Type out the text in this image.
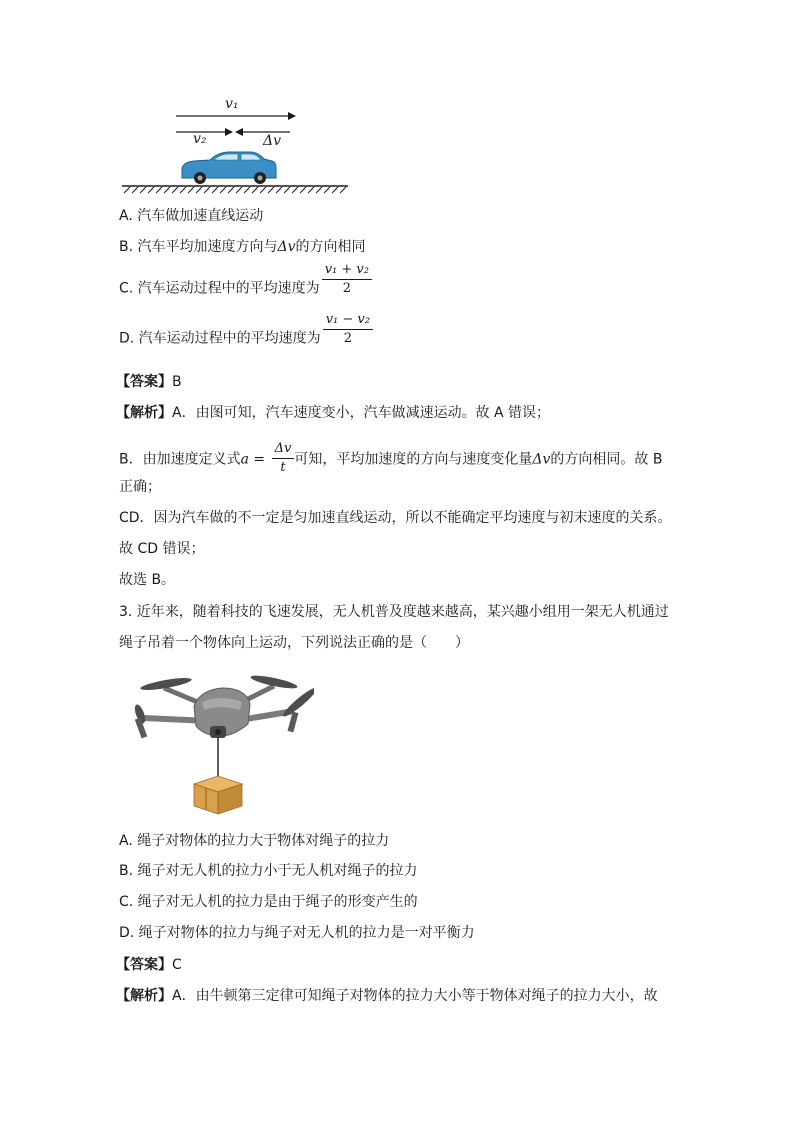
v₁
v₂	Δv
A. 汽车做加速直线运动
B. 汽车平均加速度方向与Δv的方向相同
C. 汽车运动过程中的平均速度为 $\frac{\text{v₁ + v₂}}{2}$
D. 汽车运动过程中的平均速度为 $\frac{\text{v₁ − v₂}}{2}$
【答案】B
【解析】A．由图可知，汽车速度变小，汽车做减速运动。故 A 错误；
B．由加速度定义式$a = \frac{\Delta v}{t}$ 可知，平均加速度的方向与速度变化量Δv的方向相同。故 B
正确；
CD．因为汽车做的不一定是匀加速直线运动，所以不能确定平均速度与初末速度的关系。
故 CD 错误；
故选 B。
3. 近年来，随着科技的飞速发展，无人机普及度越来越高，某兴趣小组用一架无人机通过
绳子吊着一个物体向上运动，下列说法正确的是（　　）
A. 绳子对物体的拉力大于物体对绳子的拉力
B. 绳子对无人机的拉力小于无人机对绳子的拉力
C. 绳子对无人机的拉力是由于绳子的形变产生的
D. 绳子对物体的拉力与绳子对无人机的拉力是一对平衡力
【答案】C
【解析】A．由牛顿第三定律可知绳子对物体的拉力大小等于物体对绳子的拉力大小，故
